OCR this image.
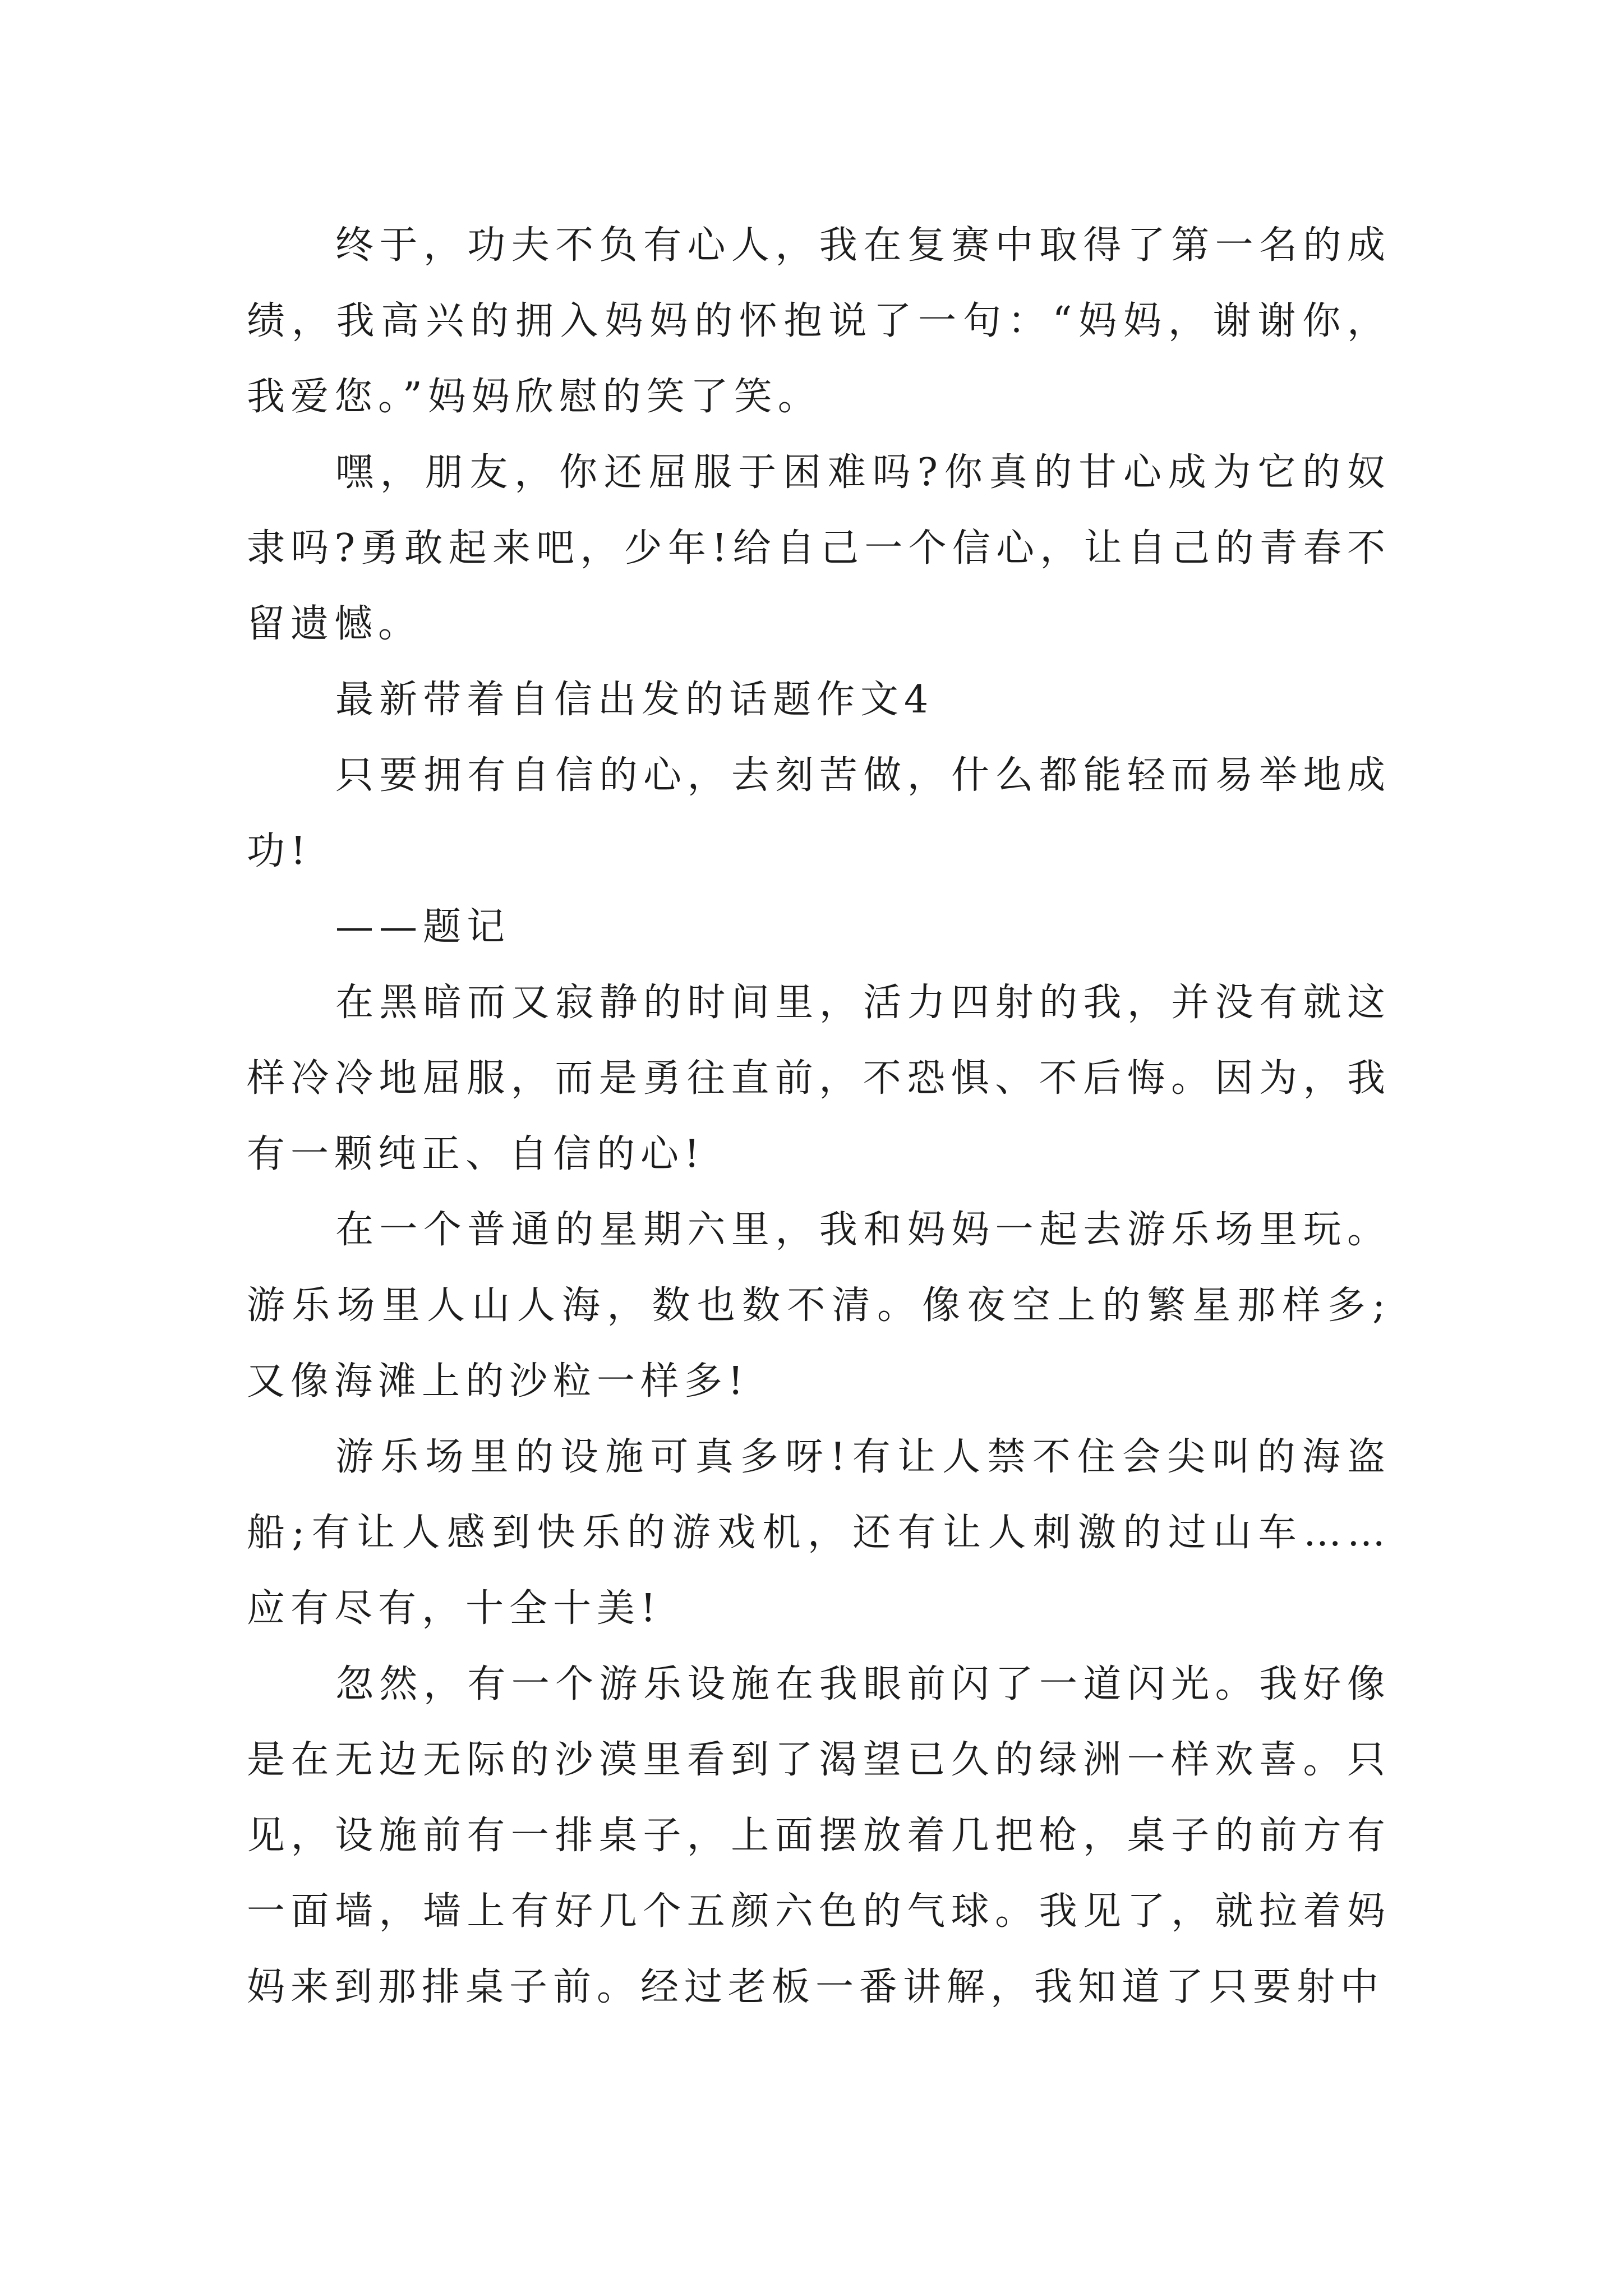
终于，功夫不负有心人，我在复赛中取得了第一名的成绩，我高兴的拥入妈妈的怀抱说了一句：“妈妈，谢谢你，我爱您。”妈妈欣慰的笑了笑。

嘿，朋友，你还屈服于困难吗?你真的甘心成为它的奴隶吗?勇敢起来吧，少年!给自己一个信心，让自己的青春不留遗憾。

最新带着自信出发的话题作文4

只要拥有自信的心，去刻苦做，什么都能轻而易举地成功!

——题记

在黑暗而又寂静的时间里，活力四射的我，并没有就这样冷冷地屈服，而是勇往直前，不恐惧、不后悔。因为，我有一颗纯正、自信的心!

在一个普通的星期六里，我和妈妈一起去游乐场里玩。游乐场里人山人海，数也数不清。像夜空上的繁星那样多;又像海滩上的沙粒一样多!

游乐场里的设施可真多呀!有让人禁不住会尖叫的海盗船;有让人感到快乐的游戏机，还有让人刺激的过山车……应有尽有，十全十美!

忽然，有一个游乐设施在我眼前闪了一道闪光。我好像是在无边无际的沙漠里看到了渴望已久的绿洲一样欢喜。只见，设施前有一排桌子，上面摆放着几把枪，桌子的前方有一面墙，墙上有好几个五颜六色的气球。我见了，就拉着妈妈来到那排桌子前。经过老板一番讲解，我知道了只要射中
